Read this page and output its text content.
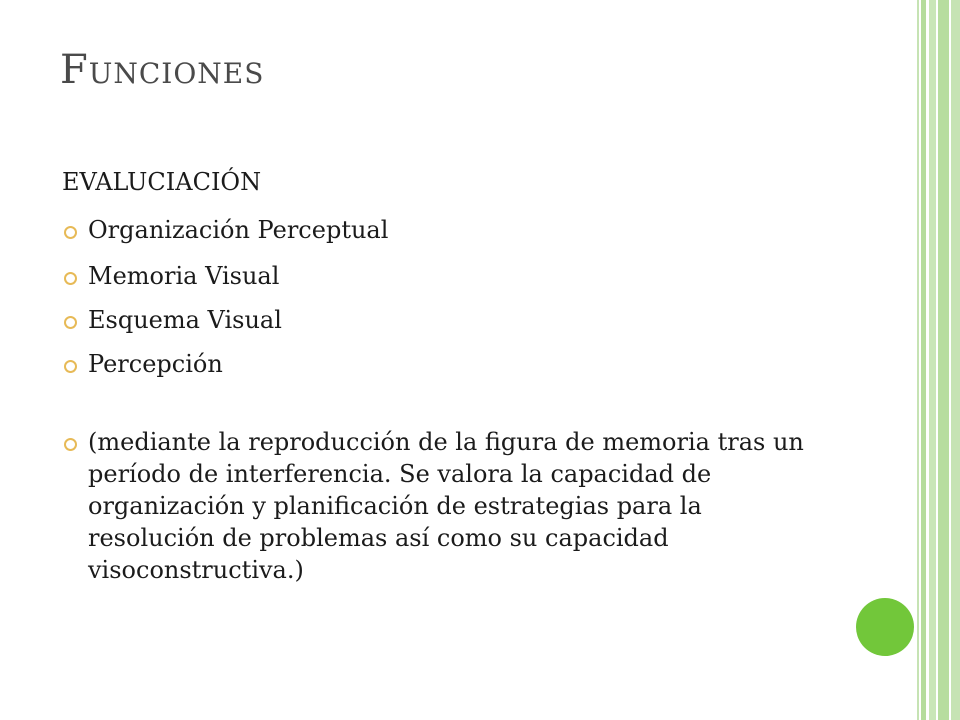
Funciones
EVALUCIACIÓN
Organización Perceptual
Memoria Visual
Esquema Visual
Percepción
(mediante la reproducción de la figura de memoria tras un período de interferencia. Se valora la capacidad de organización y planificación de estrategias para la resolución de problemas así como su capacidad visoconstructiva.)
